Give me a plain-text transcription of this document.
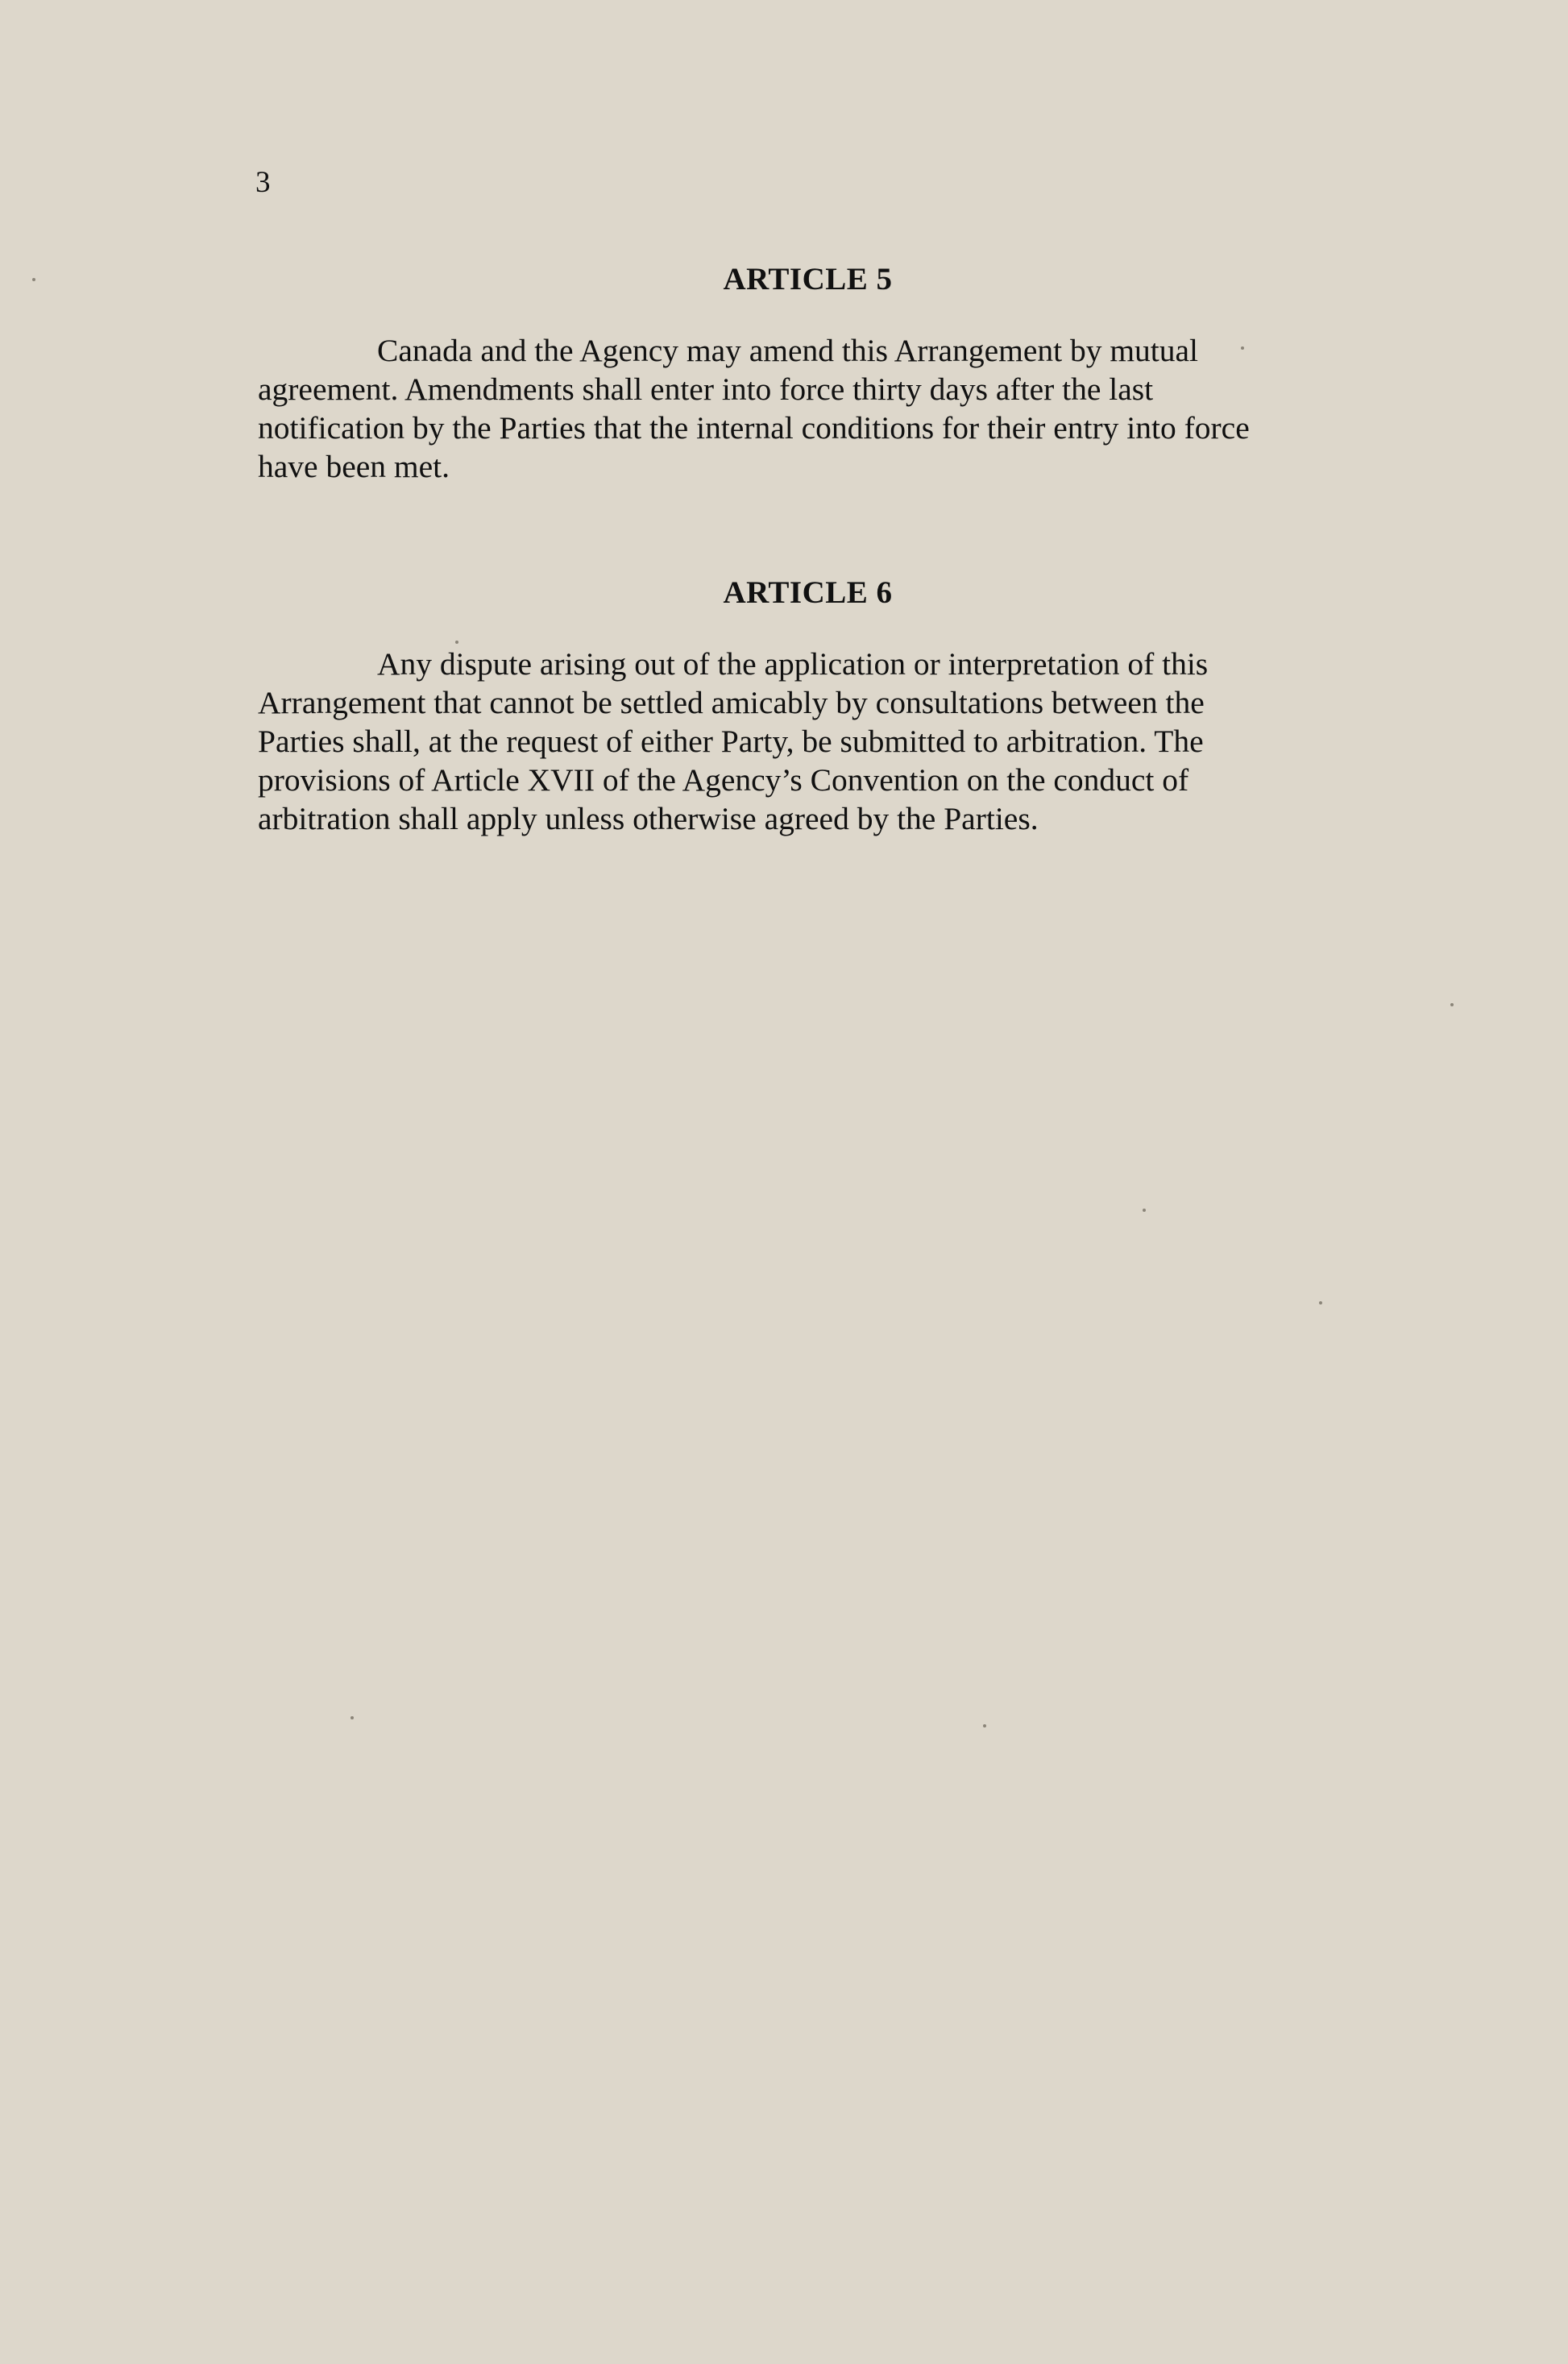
3
ARTICLE 5
Canada and the Agency may amend this Arrangement by mutual
agreement. Amendments shall enter into force thirty days after the last
notification by the Parties that the internal conditions for their entry into force
have been met.
ARTICLE 6
Any dispute arising out of the application or interpretation of this
Arrangement that cannot be settled amicably by consultations between the
Parties shall, at the request of either Party, be submitted to arbitration. The
provisions of Article XVII of the Agency’s Convention on the conduct of
arbitration shall apply unless otherwise agreed by the Parties.
